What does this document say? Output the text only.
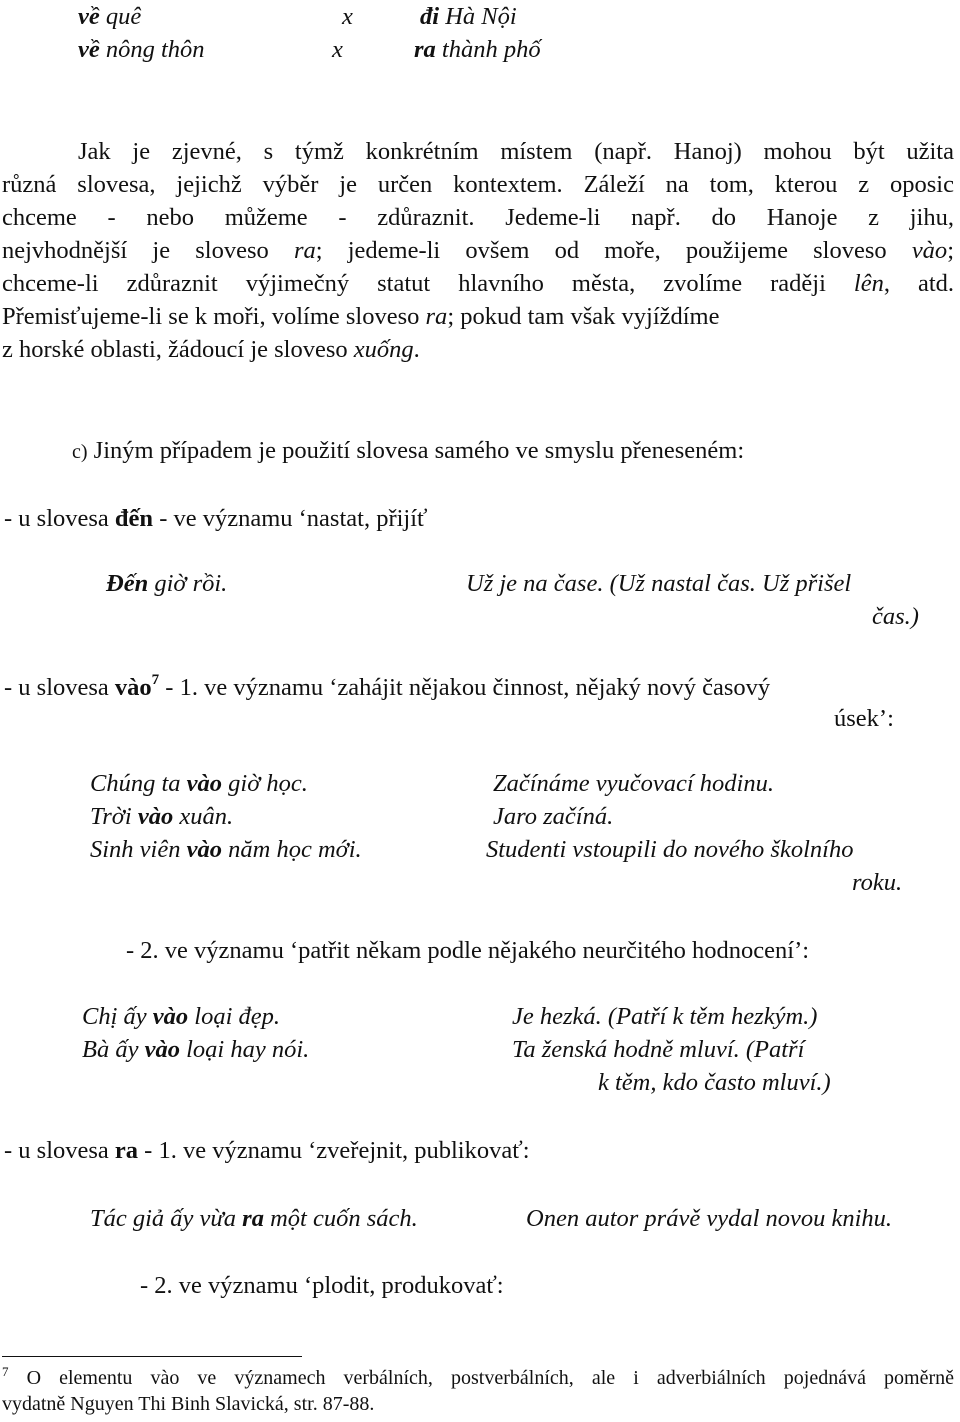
về quê	x	đi Hà Nội
về nông thôn	x	ra thành phố
Jak je zjevné, s týmž konkrétním místem (např. Hanoj) mohou být užita
různá slovesa, jejichž výběr je určen kontextem. Záleží na tom, kterou z oposic
chceme - nebo můžeme - zdůraznit. Jedeme-li např. do Hanoje z jihu,
nejvhodnější je sloveso ra; jedeme-li ovšem od moře, použijeme sloveso vào;
chceme-li zdůraznit výjimečný statut hlavního města, zvolíme raději lên, atd.
Přemisťujeme-li se k moři, volíme sloveso ra; pokud tam však vyjíždíme
z horské oblasti, žádoucí je sloveso xuống.
c) Jiným případem je použití slovesa samého ve smyslu přeneseném:
- u slovesa đến - ve významu ‘nastat, přijíť
Đến giờ rồi.	Už je na čase. (Už nastal čas. Už přišel
čas.)
- u slovesa vào$^7$ - 1. ve významu ‘zahájit nějakou činnost, nějaký nový časový
úsek’:
Chúng ta vào giờ học.	Začínáme vyučovací hodinu.
Trời vào xuân.	Jaro začíná.
Sinh viên vào năm học mới.	Studenti vstoupili do nového školního
roku.
- 2. ve významu ‘patřit někam podle nějakého neurčitého hodnocení’:
Chị ấy vào loại đẹp.	Je hezká. (Patří k těm hezkým.)
Bà ấy vào loại hay nói.	Ta ženská hodně mluví. (Patří
k těm, kdo často mluví.)
- u slovesa ra - 1. ve významu ‘zveřejnit, publikovať:
Tác giả ấy vừa ra một cuốn sách.	Onen autor právě vydal novou knihu.
- 2. ve významu ‘plodit, produkovať:
$^7$ O elementu vào ve významech verbálních, postverbálních, ale i adverbiálních pojednává poměrně
vydatně Nguyen Thi Binh Slavická, str. 87-88.
